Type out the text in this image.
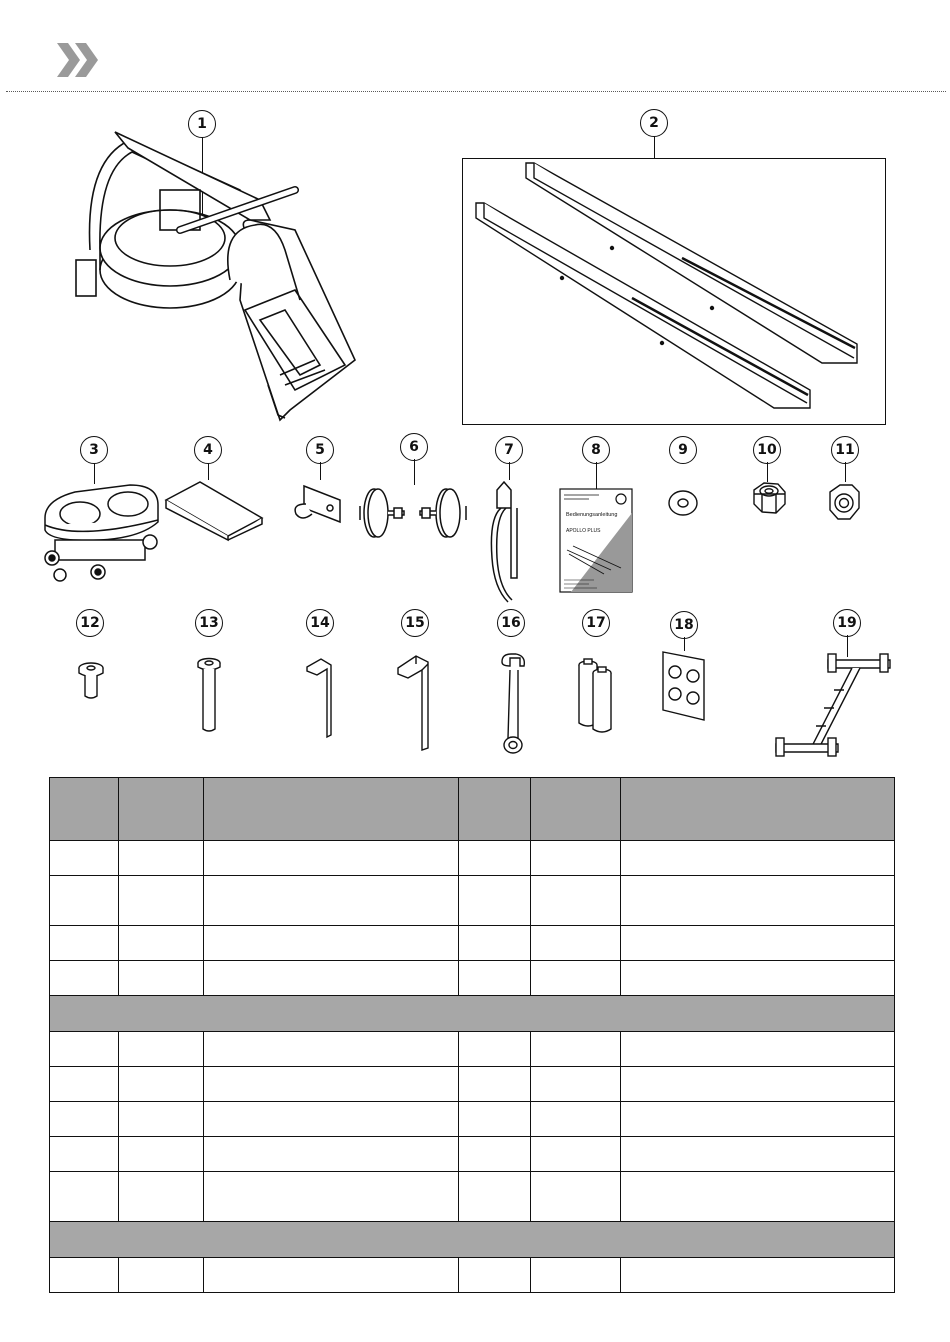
1	2
3	4	5	6	7	8
Bedienungsanleitung
APOLLO PLUS
9	10	11
12	13	14	15	16	17	18	19
